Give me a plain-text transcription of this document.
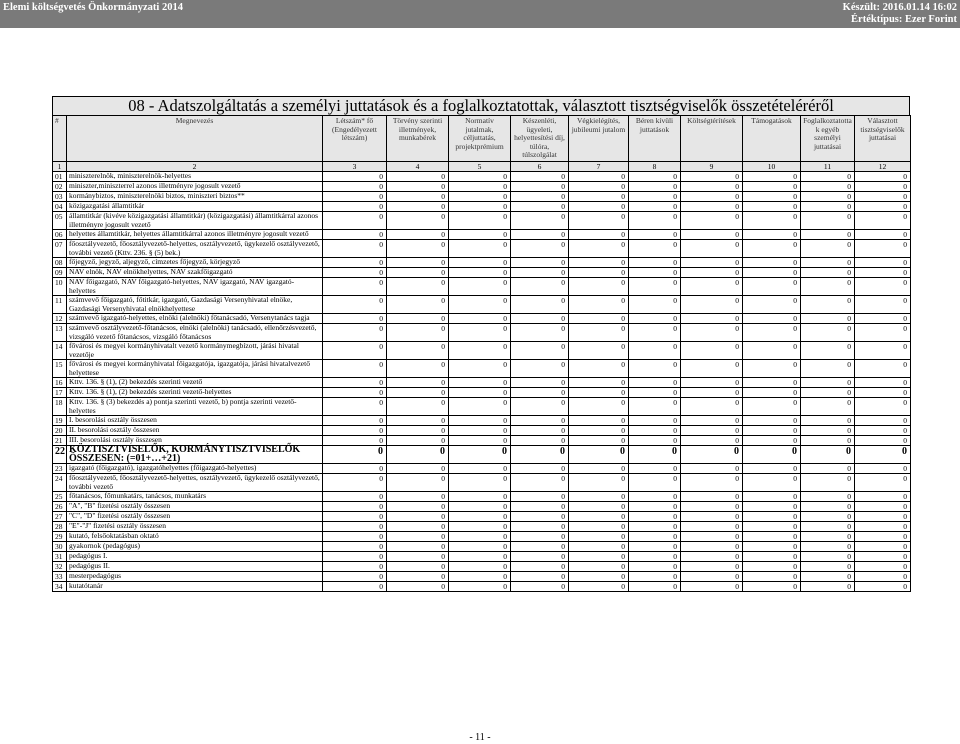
Elemi költségvetés Önkormányzati 2014	Készült: 2016.01.14 16:02
Értéktípus: Ezer Forint
08 - Adatszolgáltatás a személyi juttatások és a foglalkoztatottak, választott tisztségviselők összetételéréről
#	Megnevezés	Létszám* fő (Engedélyezett létszám)	Törvény szerinti illetmények, munkabérek	Normatív jutalmak, céljuttatás, projektprémium	Készenléti, ügyeleti, helyettesítési díj, túlóra, túlszolgálat	Végkielégítés, jubileumi jutalom	Béren kívüli juttatások	Költségtérítések	Támogatások	Foglalkoztatotta k egyéb személyi juttatásai	Választott tisztségviselők juttatásai
1	2	3	4	5	6	7	8	9	10	11	12
01	miniszterelnök, miniszterelnök-helyettes	0	0	0	0	0	0	0	0	0	0
02	miniszter,miniszterrel azonos illetményre jogosult vezető	0	0	0	0	0	0	0	0	0	0
03	kormánybiztos, miniszterelnöki biztos, miniszteri biztos**	0	0	0	0	0	0	0	0	0	0
04	közigazgatási államtitkár	0	0	0	0	0	0	0	0	0	0
05	államtitkár (kivéve közigazgatási államtitkár) (közigazgatási) államtitkárral azonos illetményre jogosult vezető	0	0	0	0	0	0	0	0	0	0
06	helyettes államtitkár, helyettes államtitkárral azonos illetményre jogosult vezető	0	0	0	0	0	0	0	0	0	0
07	főosztályvezető, főosztályvezető-helyettes, osztályvezető, ügykezelő osztályvezető, további vezető (Kttv. 236. § (5) bek.)	0	0	0	0	0	0	0	0	0	0
08	főjegyző, jegyző, aljegyző, címzetes főjegyző, körjegyző	0	0	0	0	0	0	0	0	0	0
09	NAV elnök, NAV elnökhelyettes, NAV szakfőigazgató	0	0	0	0	0	0	0	0	0	0
10	NAV főigazgató, NAV főigazgató-helyettes, NAV igazgató, NAV igazgató-helyettes	0	0	0	0	0	0	0	0	0	0
11	számvevő főigazgató, főtitkár, igazgató, Gazdasági Versenyhivatal elnöke, Gazdasági Versenyhivatal elnökhelyettese	0	0	0	0	0	0	0	0	0	0
12	számvevő igazgató-helyettes, elnöki (alelnöki) főtanácsadó, Versenytanács tagja	0	0	0	0	0	0	0	0	0	0
13	számvevő osztályvezető-főtanácsos, elnöki (alelnöki) tanácsadó, ellenőrzésvezető, vizsgáló vezető főtanácsos, vizsgáló főtanácsos	0	0	0	0	0	0	0	0	0	0
14	fővárosi és megyei kormányhivatalt vezető kormánymegbízott, járási hivatal vezetője	0	0	0	0	0	0	0	0	0	0
15	fővárosi és megyei kormányhivatal főigazgatója, igazgatója, járási hivatalvezető helyettese	0	0	0	0	0	0	0	0	0	0
16	Kttv. 136. § (1), (2) bekezdés szerinti vezető	0	0	0	0	0	0	0	0	0	0
17	Kttv. 136. § (1), (2) bekezdés szerinti vezető-helyettes	0	0	0	0	0	0	0	0	0	0
18	Kttv. 136. § (3) bekezdés a) pontja szerinti vezető, b) pontja szerinti vezető-helyettes	0	0	0	0	0	0	0	0	0	0
19	I. besorolási osztály összesen	0	0	0	0	0	0	0	0	0	0
20	II. besorolási osztály összesen	0	0	0	0	0	0	0	0	0	0
21	III. besorolási osztály összesen	0	0	0	0	0	0	0	0	0	0
22	KÖZTISZTVISELŐK, KORMÁNYTISZTVISELŐK ÖSSZESEN: (=01+…+21)	0	0	0	0	0	0	0	0	0	0
23	igazgató (főigazgató), igazgatóhelyettes (főigazgató-helyettes)	0	0	0	0	0	0	0	0	0	0
24	főosztályvezető, főosztályvezető-helyettes, osztályvezető, ügykezelő osztályvezető, további vezető	0	0	0	0	0	0	0	0	0	0
25	főtanácsos, főmunkatárs, tanácsos, munkatárs	0	0	0	0	0	0	0	0	0	0
26	"A", "B" fizetési osztály összesen	0	0	0	0	0	0	0	0	0	0
27	"C", "D" fizetési osztály összesen	0	0	0	0	0	0	0	0	0	0
28	"E"-"J" fizetési osztály összesen	0	0	0	0	0	0	0	0	0	0
29	kutató, felsőoktatásban oktató	0	0	0	0	0	0	0	0	0	0
30	gyakornok (pedagógus)	0	0	0	0	0	0	0	0	0	0
31	pedagógus I.	0	0	0	0	0	0	0	0	0	0
32	pedagógus II.	0	0	0	0	0	0	0	0	0	0
33	mesterpedagógus	0	0	0	0	0	0	0	0	0	0
34	kutatótanár	0	0	0	0	0	0	0	0	0	0
- 11 -
